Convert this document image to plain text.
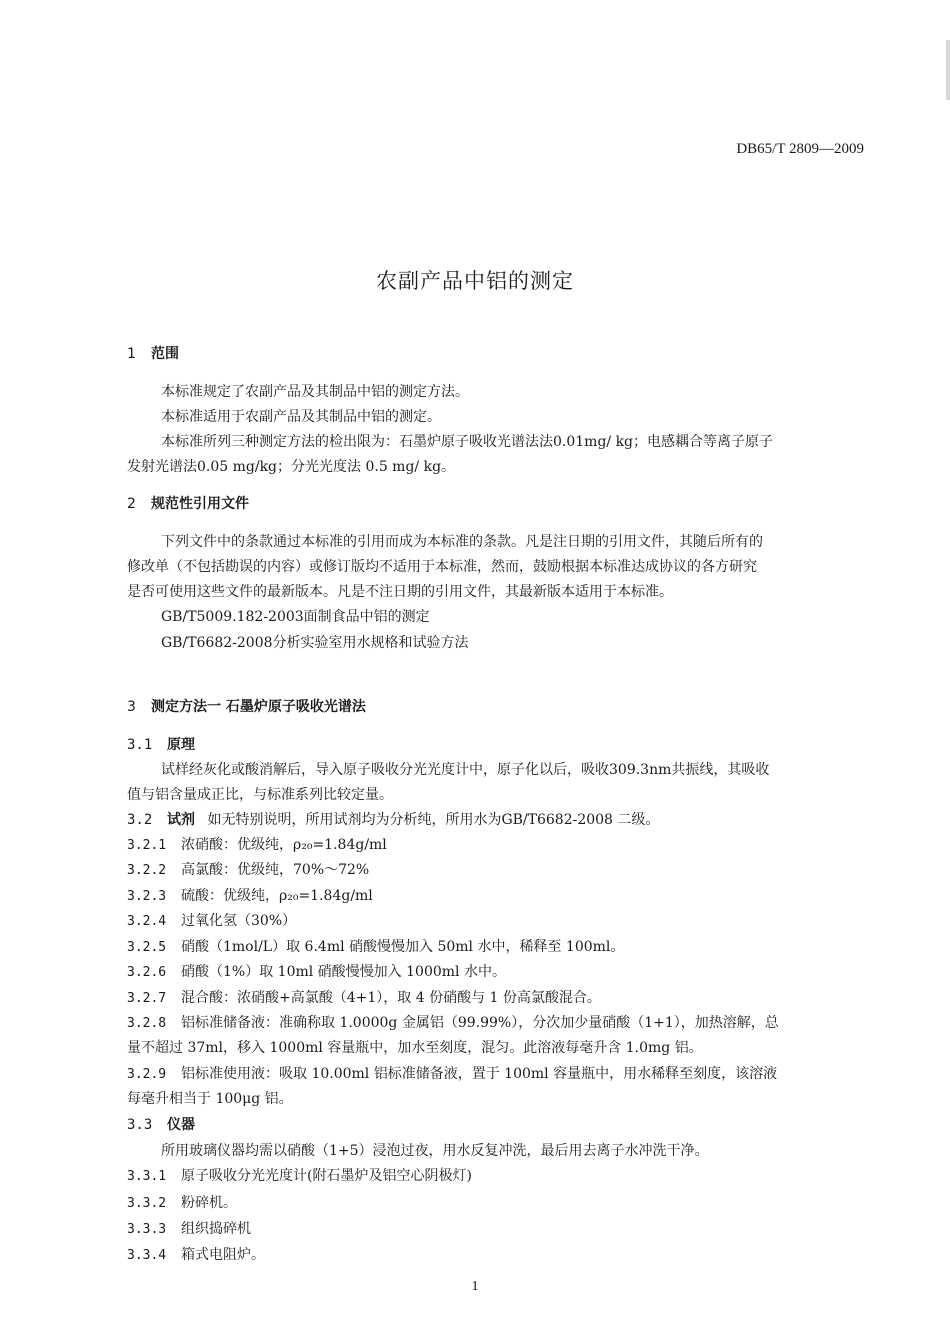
DB65/T 2809—2009
农副产品中铝的测定
1 范围
本标准规定了农副产品及其制品中铝的测定方法。
本标准适用于农副产品及其制品中铝的测定。
本标准所列三种测定方法的检出限为：石墨炉原子吸收光谱法法0.01mg/ kg；电感耦合等离子原子
发射光谱法0.05 mg/kg；分光光度法 0.5 mg/ kg。
2 规范性引用文件
下列文件中的条款通过本标准的引用而成为本标准的条款。凡是注日期的引用文件，其随后所有的
修改单（不包括勘误的内容）或修订版均不适用于本标准，然而，鼓励根据本标准达成协议的各方研究
是否可使用这些文件的最新版本。凡是不注日期的引用文件，其最新版本适用于本标准。
GB/T5009.182-2003面制食品中铝的测定
GB/T6682-2008分析实验室用水规格和试验方法
3 测定方法一 石墨炉原子吸收光谱法
3.1 原理
试样经灰化或酸消解后，导入原子吸收分光光度计中，原子化以后，吸收309.3nm共振线，其吸收
值与铝含量成正比，与标准系列比较定量。
3.2 试剂 如无特别说明，所用试剂均为分析纯，所用水为GB/T6682-2008 二级。
3.2.1 浓硝酸：优级纯，ρ₂₀=1.84g/ml
3.2.2 高氯酸：优级纯，70%～72%
3.2.3 硫酸：优级纯，ρ₂₀=1.84g/ml
3.2.4 过氧化氢（30%）
3.2.5 硝酸（1mol/L）取 6.4ml 硝酸慢慢加入 50ml 水中，稀释至 100ml。
3.2.6 硝酸（1%）取 10ml 硝酸慢慢加入 1000ml 水中。
3.2.7 混合酸：浓硝酸+高氯酸（4+1），取 4 份硝酸与 1 份高氯酸混合。
3.2.8 铝标准储备液：准确称取 1.0000g 金属铝（99.99%），分次加少量硝酸（1+1），加热溶解，总
量不超过 37ml，移入 1000ml 容量瓶中，加水至刻度，混匀。此溶液每毫升含 1.0mg 铝。
3.2.9 铝标准使用液：吸取 10.00ml 铝标准储备液，置于 100ml 容量瓶中，用水稀释至刻度，该溶液
每毫升相当于 100μg 铝。
3.3 仪器
所用玻璃仪器均需以硝酸（1+5）浸泡过夜，用水反复冲洗，最后用去离子水冲洗干净。
3.3.1 原子吸收分光光度计(附石墨炉及铝空心阴极灯)
3.3.2 粉碎机。
3.3.3 组织捣碎机
3.3.4 箱式电阻炉。
1
